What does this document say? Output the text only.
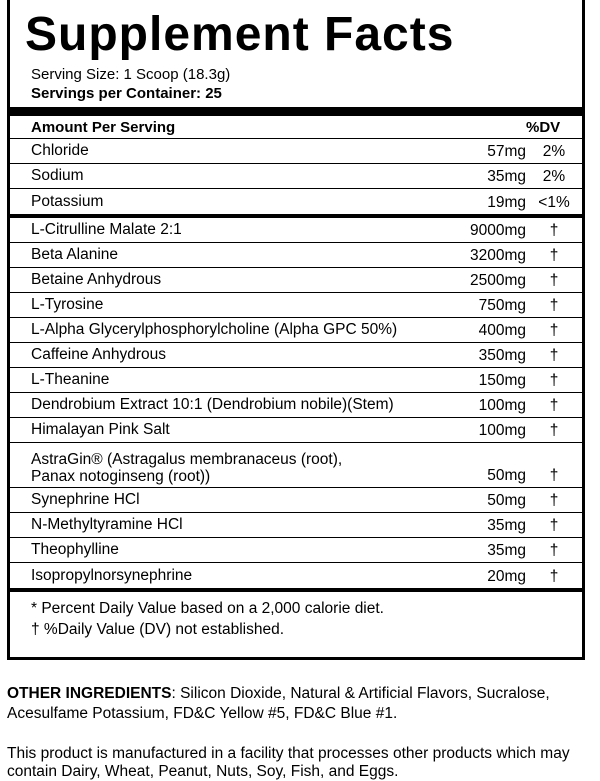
Supplement Facts
Serving Size: 1 Scoop (18.3g)
Servings per Container: 25
Amount Per Serving	%DV
Chloride	57mg	2%
Sodium	35mg	2%
Potassium	19mg <1%
L-Citrulline Malate 2:1	9000mg	†
Beta Alanine	3200mg	†
Betaine Anhydrous	2500mg	†
L-Tyrosine	750mg	†
L-Alpha Glycerylphosphorylcholine (Alpha GPC 50%)	400mg	†
Caffeine Anhydrous	350mg	†
L-Theanine	150mg	†
Dendrobium Extract 10:1 (Dendrobium nobile)(Stem)	100mg	†
Himalayan Pink Salt	100mg	†
AstraGin® (Astragalus membranaceus (root),
Panax notoginseng (root))	50mg	†
Synephrine HCl	50mg	†
N-Methyltyramine HCl	35mg	†
Theophylline	35mg	†
Isopropylnorsynephrine	20mg	†
* Percent Daily Value based on a 2,000 calorie diet.
† %Daily Value (DV) not established.
OTHER INGREDIENTS: Silicon Dioxide, Natural & Artificial Flavors, Sucralose, Acesulfame Potassium, FD&C Yellow #5, FD&C Blue #1.
This product is manufactured in a facility that processes other products which may contain Dairy, Wheat, Peanut, Nuts, Soy, Fish, and Eggs.
